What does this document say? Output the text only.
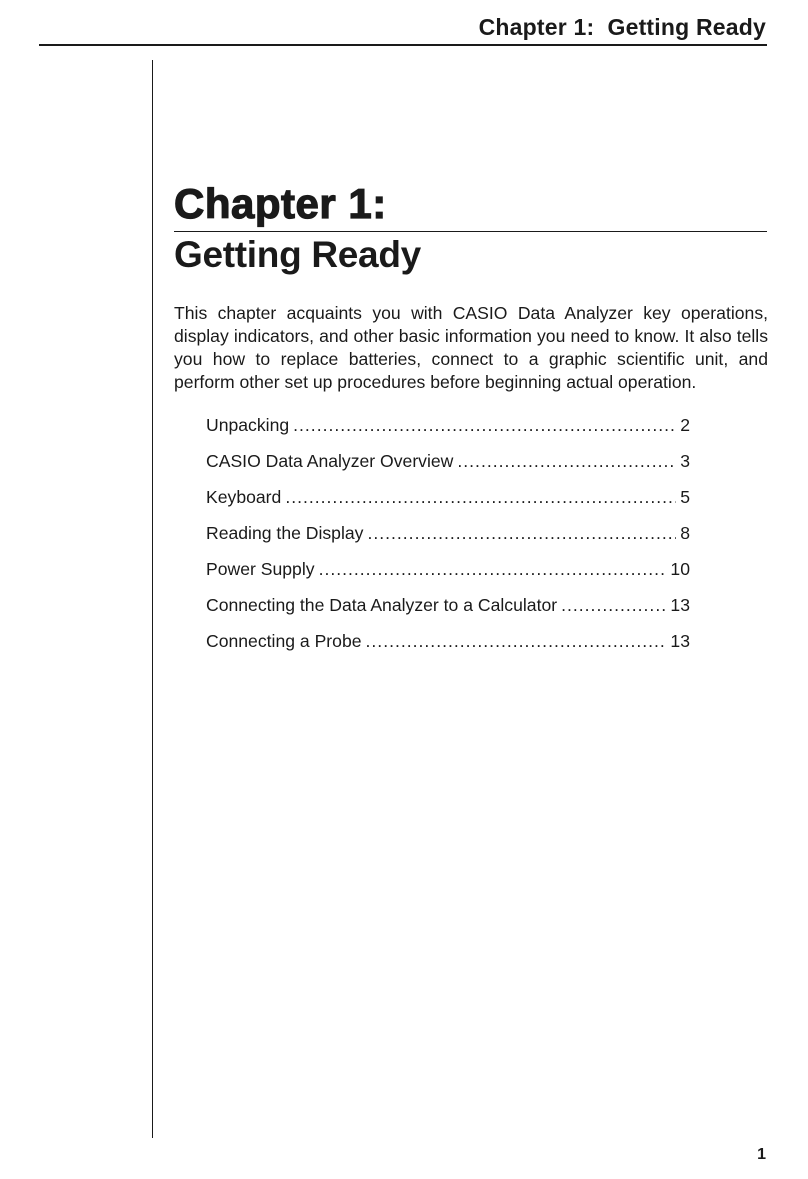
Chapter 1:  Getting Ready
Chapter 1:
Getting Ready

This chapter acquaints you with CASIO Data Analyzer key operations, display indicators, and other basic information you need to know. It also tells you how to replace batteries, connect to a graphic scientific unit, and perform other set up procedures before beginning actual operation.

Unpacking .....	2
CASIO Data Analyzer Overview .....	3
Keyboard .....	5
Reading the Display .....	8
Power Supply .....	10
Connecting the Data Analyzer to a Calculator .....	13
Connecting a Probe .....	13
1
